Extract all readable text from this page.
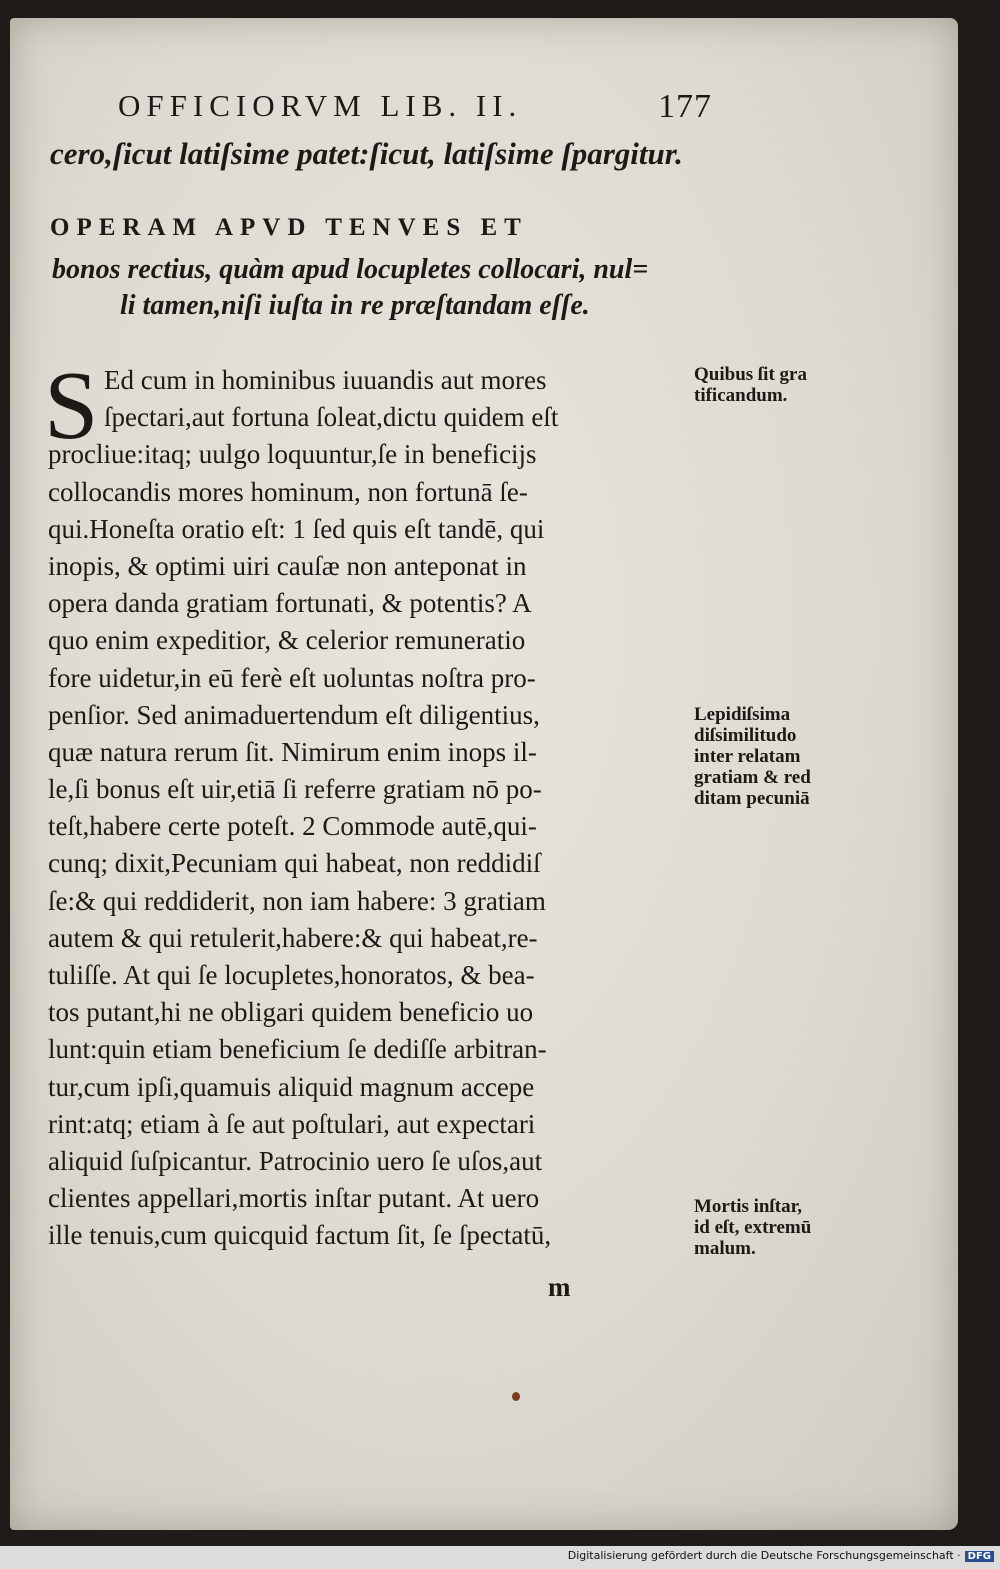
OFFICIORVM LIB. II.	177
cero,ſicut latiſsime patet:ſicut, latiſsime ſpargitur.
OPERAM APVD TENVES ET
bonos rectius, quàm apud locupletes collocari, nul=
li tamen,niſi iuſta in re præſtandam eſſe.
S Ed cum in hominibus iuuandis aut mores
ſpectari,aut fortuna ſoleat,dictu quidem eſt
procliue:itaq; uulgo loquuntur,ſe in beneficijs
collocandis mores hominum, non fortunā ſe-
qui.Honeſta oratio eſt: 1 ſed quis eſt tandē, qui
inopis, & optimi uiri cauſæ non anteponat in
opera danda gratiam fortunati, & potentis? A
quo enim expeditior, & celerior remuneratio
fore uidetur,in eū ferè eſt uoluntas noſtra pro-
penſior. Sed animaduertendum eſt diligentius,
quæ natura rerum ſit. Nimirum enim inops il-
le,ſi bonus eſt uir,etiā ſi referre gratiam nō po-
teſt,habere certe poteſt. 2 Commode autē,qui-
cunq; dixit,Pecuniam qui habeat, non reddidiſ
ſe:& qui reddiderit, non iam habere: 3 gratiam
autem & qui retulerit,habere:& qui habeat,re-
tuliſſe. At qui ſe locupletes,honoratos, & bea-
tos putant,hi ne obligari quidem beneficio uo
lunt:quin etiam beneficium ſe dediſſe arbitran-
tur,cum ipſi,quamuis aliquid magnum accepe
rint:atq; etiam à ſe aut poſtulari, aut expectari
aliquid ſuſpicantur. Patrocinio uero ſe uſos,aut
clientes appellari,mortis inſtar putant. At uero
ille tenuis,cum quicquid factum ſit, ſe ſpectatū,
Quibus ſit gra
tificandum.
Lepidiſsima
diſsimilitudo
inter relatam
gratiam & red
ditam pecuniā
Mortis inſtar,
id eſt, extremū
malum.
m
Digitalisierung gefördert durch die Deutsche Forschungsgemeinschaft · DFG
